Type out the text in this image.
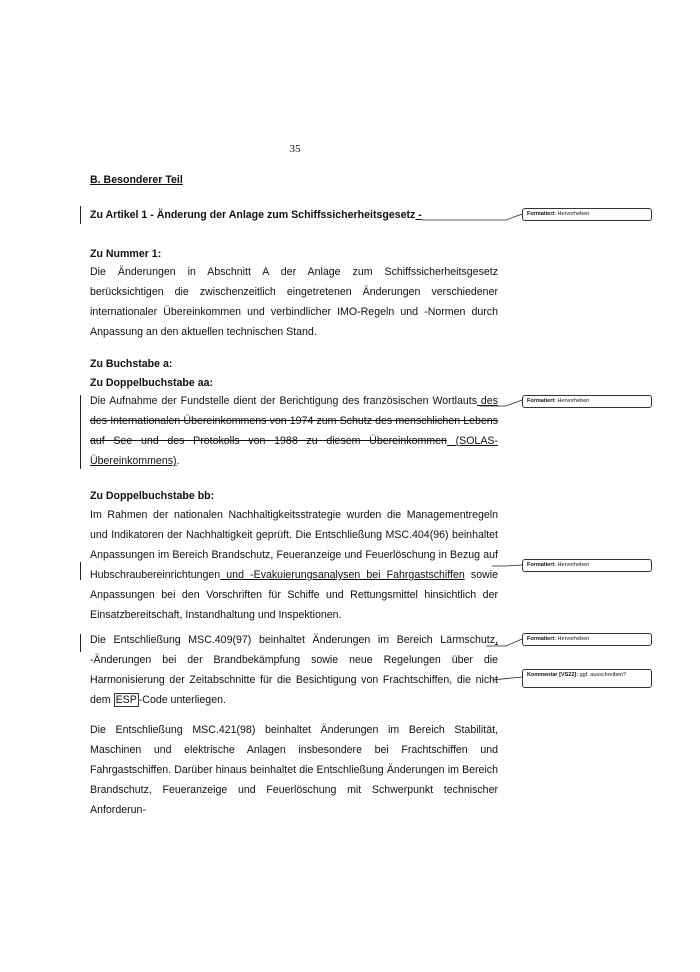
35
B. Besonderer Teil
Zu Artikel 1 - Änderung der Anlage zum Schiffssicherheitsgesetz -
Zu Nummer 1:
Die Änderungen in Abschnitt A der Anlage zum Schiffssicherheitsgesetz berücksichtigen die zwischenzeitlich eingetretenen Änderungen verschiedener internationaler Übereinkommen und verbindlicher IMO-Regeln und -Normen durch Anpassung an den aktuellen technischen Stand.
Zu Buchstabe a:
Zu Doppelbuchstabe aa:
Die Aufnahme der Fundstelle dient der Berichtigung des französischen Wortlauts des des Internationalen Übereinkommens von 1974 zum Schutz des menschlichen Lebens auf See und des Protokolls von 1988 zu diesem Übereinkommen (SOLAS-Übereinkommens).
Zu Doppelbuchstabe bb:
Im Rahmen der nationalen Nachhaltigkeitsstrategie wurden die Managementregeln und Indikatoren der Nachhaltigkeit geprüft. Die Entschließung MSC.404(96) beinhaltet Anpassungen im Bereich Brandschutz, Feueranzeige und Feuerlöschung in Bezug auf Hubschraubereinrichtungen und -Evakuierungsanalysen bei Fahrgastschiffen sowie Anpassungen bei den Vorschriften für Schiffe und Rettungsmittel hinsichtlich der Einsatzbereitschaft, Instandhaltung und Inspektionen.
Die Entschließung MSC.409(97) beinhaltet Änderungen im Bereich Lärmschutz, -Änderungen bei der Brandbekämpfung sowie neue Regelungen über die Harmonisierung der Zeitabschnitte für die Besichtigung von Frachtschiffen, die nicht dem ESP -Code unterliegen.
Die Entschließung MSC.421(98) beinhaltet Änderungen im Bereich Stabilität, Maschinen und elektrische Anlagen insbesondere bei Frachtschiffen und Fahrgastschiffen. Darüber hinaus beinhaltet die Entschließung Änderungen im Bereich Brandschutz, Feueranzeige und Feuerlöschung mit Schwerpunkt technischer Anforderun-
Formatiert: Hervorheben
Formatiert: Hervorheben
Formatiert: Hervorheben
Formatiert: Hervorheben
Kommentar [VS22]: ggf. ausschreiben?
